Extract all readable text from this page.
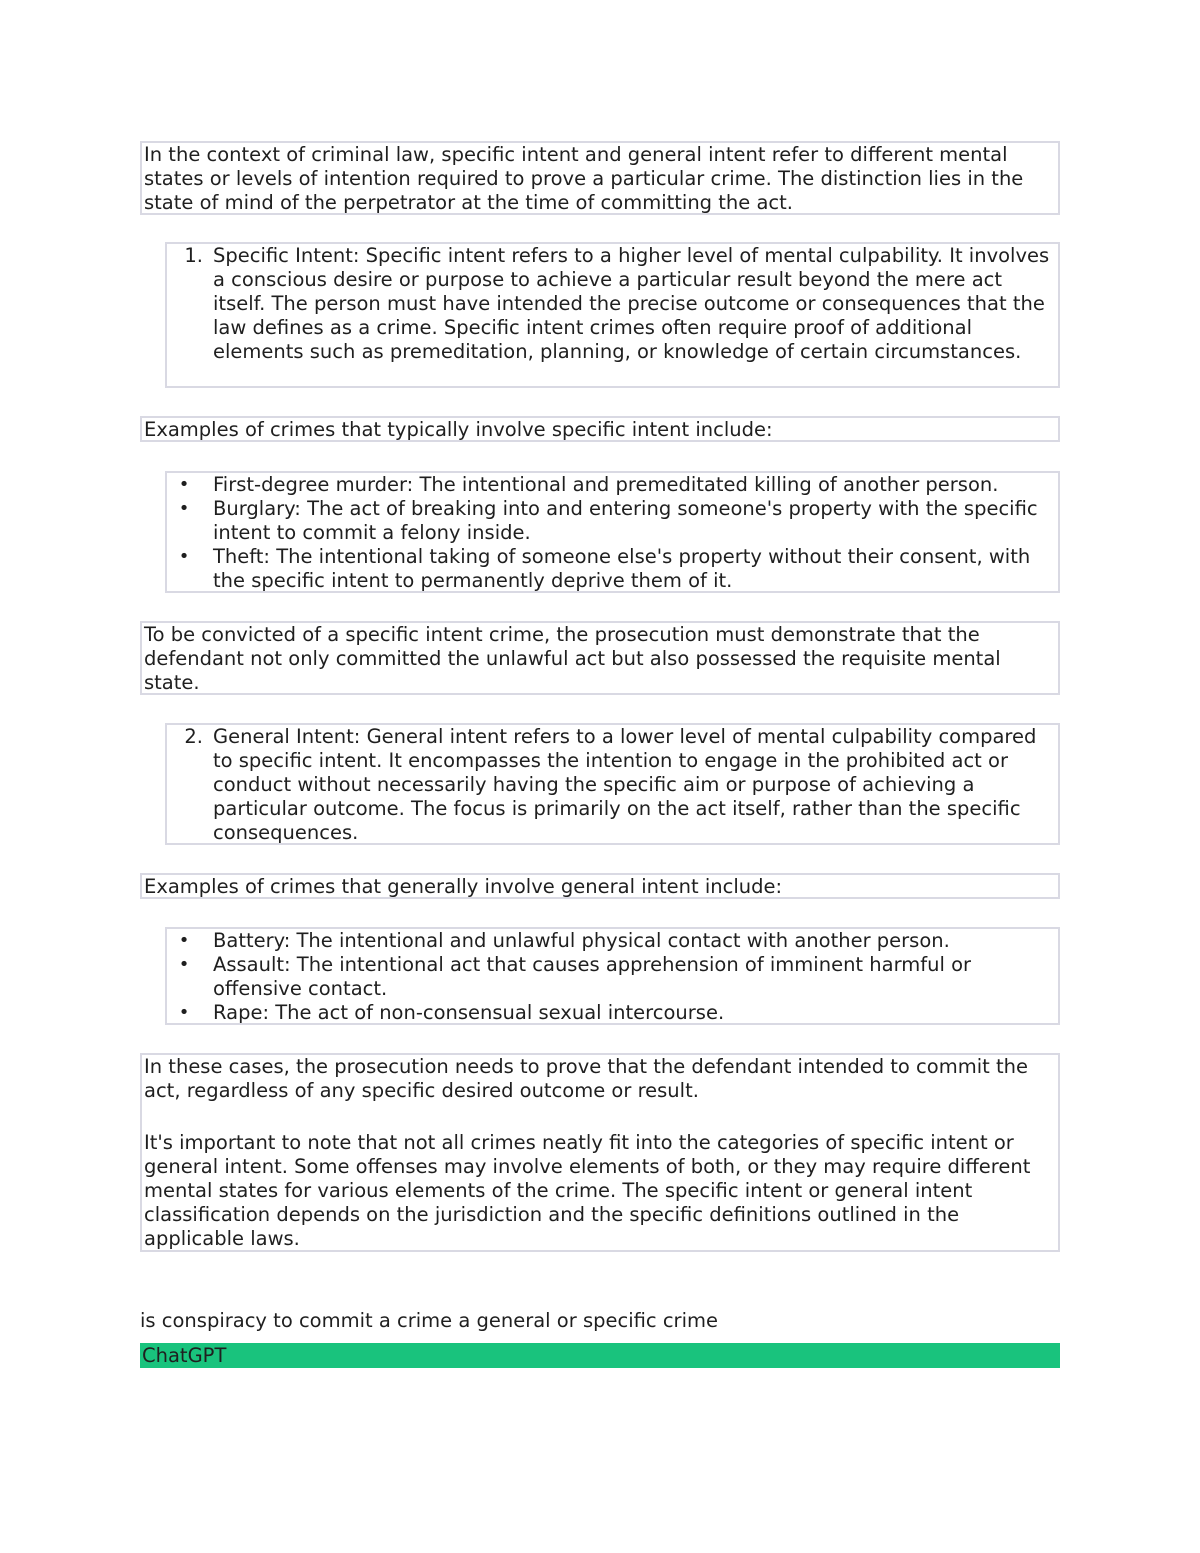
In the context of criminal law, specific intent and general intent refer to different mental states or levels of intention required to prove a particular crime. The distinction lies in the state of mind of the perpetrator at the time of committing the act.

1. Specific Intent: Specific intent refers to a higher level of mental culpability. It involves a conscious desire or purpose to achieve a particular result beyond the mere act itself. The person must have intended the precise outcome or consequences that the law defines as a crime. Specific intent crimes often require proof of additional elements such as premeditation, planning, or knowledge of certain circumstances.

Examples of crimes that typically involve specific intent include:

• First-degree murder: The intentional and premeditated killing of another person.
• Burglary: The act of breaking into and entering someone's property with the specific intent to commit a felony inside.
• Theft: The intentional taking of someone else's property without their consent, with the specific intent to permanently deprive them of it.

To be convicted of a specific intent crime, the prosecution must demonstrate that the defendant not only committed the unlawful act but also possessed the requisite mental state.

2. General Intent: General intent refers to a lower level of mental culpability compared to specific intent. It encompasses the intention to engage in the prohibited act or conduct without necessarily having the specific aim or purpose of achieving a particular outcome. The focus is primarily on the act itself, rather than the specific consequences.

Examples of crimes that generally involve general intent include:

• Battery: The intentional and unlawful physical contact with another person.
• Assault: The intentional act that causes apprehension of imminent harmful or offensive contact.
• Rape: The act of non-consensual sexual intercourse.

In these cases, the prosecution needs to prove that the defendant intended to commit the act, regardless of any specific desired outcome or result.

It's important to note that not all crimes neatly fit into the categories of specific intent or general intent. Some offenses may involve elements of both, or they may require different mental states for various elements of the crime. The specific intent or general intent classification depends on the jurisdiction and the specific definitions outlined in the applicable laws.

is conspiracy to commit a crime a general or specific crime
ChatGPT
